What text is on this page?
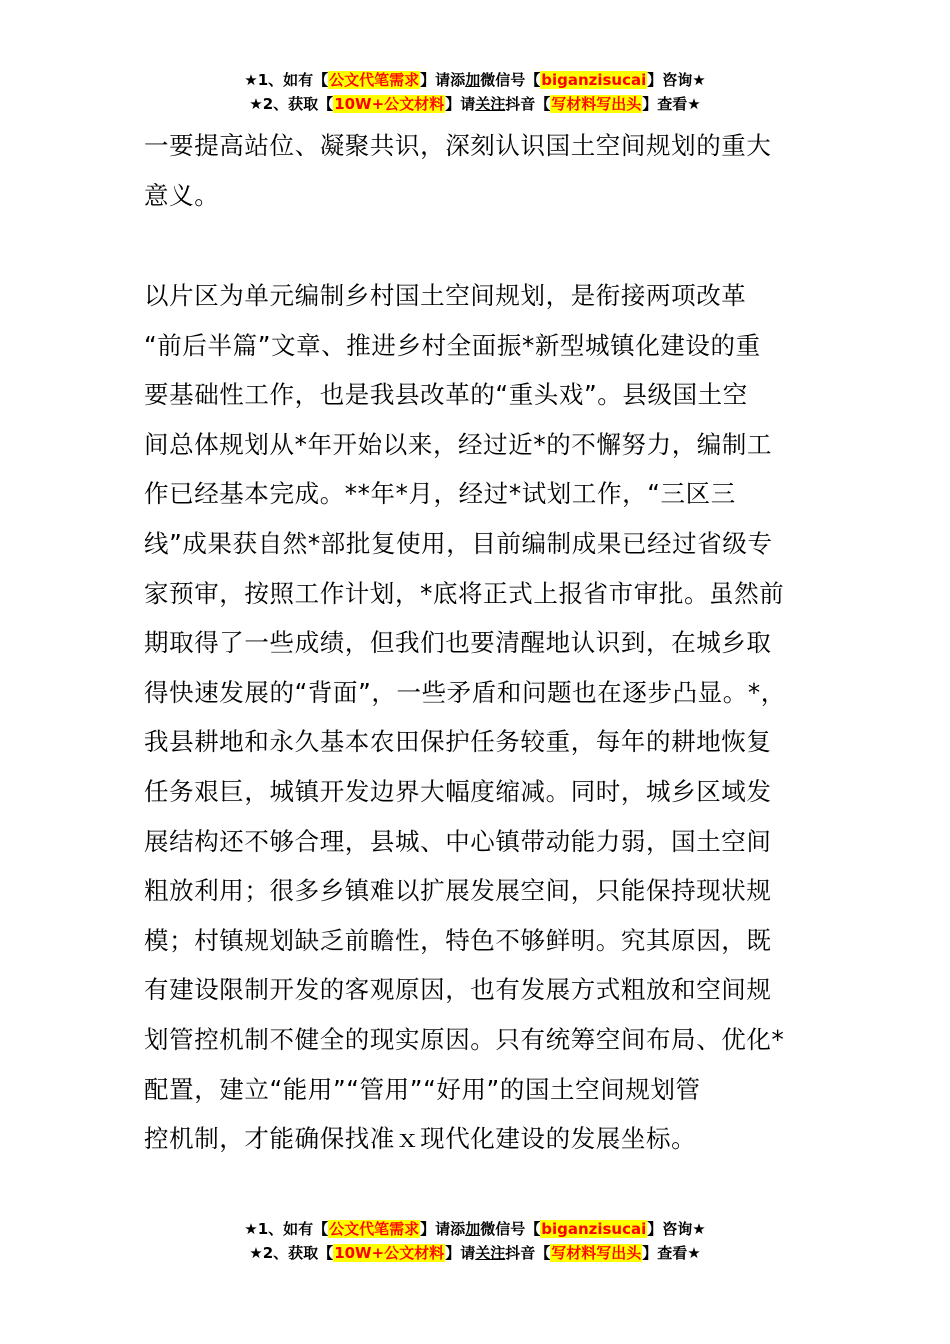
★1、如有【公文代笔需求】请添加微信号【biganzisucai】咨询★
★2、获取【10W+公文材料】请关注抖音【写材料写出头】查看★
一要提高站位、凝聚共识，深刻认识国土空间规划的重大
意义。
以片区为单元编制乡村国土空间规划，是衔接两项改革
“前后半篇”文章、推进乡村全面振*新型城镇化建设的重
要基础性工作，也是我县改革的“重头戏”。县级国土空
间总体规划从*年开始以来，经过近*的不懈努力，编制工
作已经基本完成。**年*月，经过*试划工作，“三区三
线”成果获自然*部批复使用，目前编制成果已经过省级专
家预审，按照工作计划，*底将正式上报省市审批。虽然前
期取得了一些成绩，但我们也要清醒地认识到，在城乡取
得快速发展的“背面”，一些矛盾和问题也在逐步凸显。*，
我县耕地和永久基本农田保护任务较重，每年的耕地恢复
任务艰巨，城镇开发边界大幅度缩减。同时，城乡区域发
展结构还不够合理，县城、中心镇带动能力弱，国土空间
粗放利用；很多乡镇难以扩展发展空间，只能保持现状规
模；村镇规划缺乏前瞻性，特色不够鲜明。究其原因，既
有建设限制开发的客观原因，也有发展方式粗放和空间规
划管控机制不健全的现实原因。只有统筹空间布局、优化*
配置，建立“能用”“管用”“好用”的国土空间规划管
控机制，才能确保找准ｘ现代化建设的发展坐标。
★1、如有【公文代笔需求】请添加微信号【biganzisucai】咨询★
★2、获取【10W+公文材料】请关注抖音【写材料写出头】查看★
